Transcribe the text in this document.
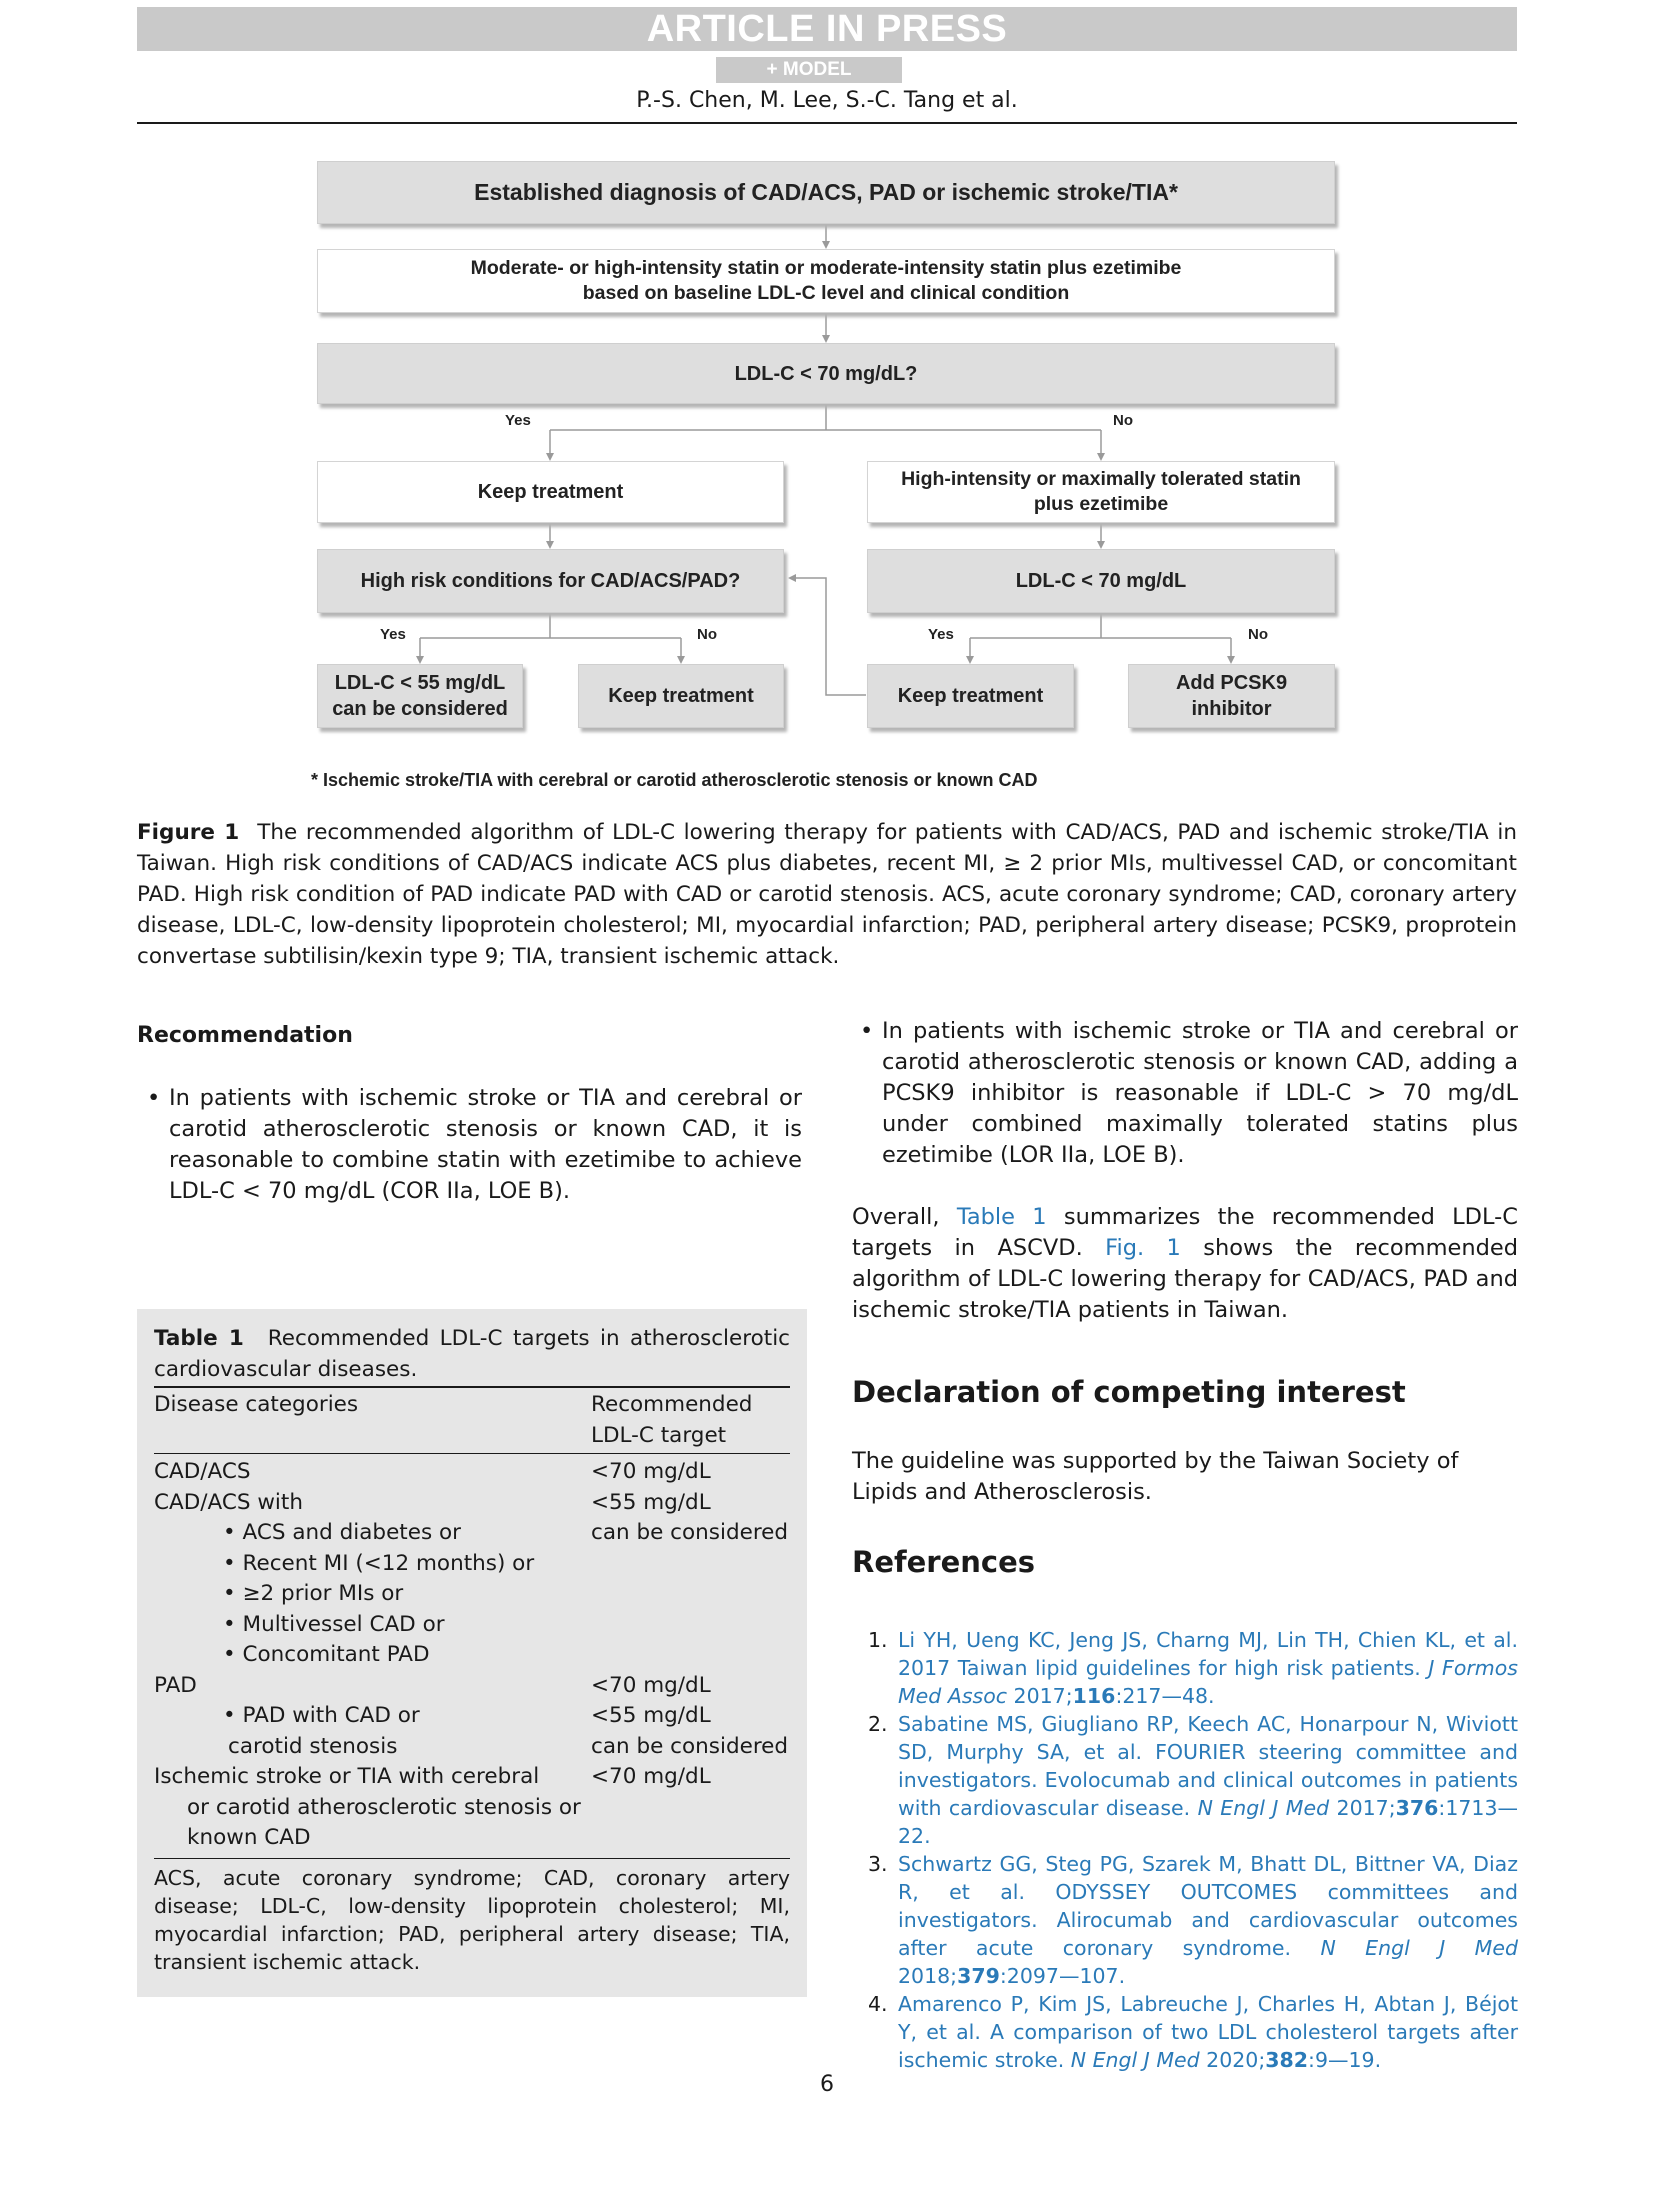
ARTICLE IN PRESS
+ MODEL
P.-S. Chen, M. Lee, S.-C. Tang et al.
Established diagnosis of CAD/ACS, PAD or ischemic stroke/TIA*
Moderate- or high-intensity statin or moderate-intensity statin plus ezetimibe
based on baseline LDL-C level and clinical condition
LDL-C < 70 mg/dL?
Yes	No
Keep treatment
High-intensity or maximally tolerated statin
plus ezetimibe
High risk conditions for CAD/ACS/PAD?	LDL-C < 70 mg/dL
Yes	No	Yes	No
LDL-C < 55 mg/dL
can be considered
Keep treatment	Keep treatment
Add PCSK9
inhibitor
* Ischemic stroke/TIA with cerebral or carotid atherosclerotic stenosis or known CAD

Figure 1 The recommended algorithm of LDL-C lowering therapy for patients with CAD/ACS, PAD and ischemic stroke/TIA in Taiwan. High risk conditions of CAD/ACS indicate ACS plus diabetes, recent MI, ≥ 2 prior MIs, multivessel CAD, or concomitant PAD. High risk condition of PAD indicate PAD with CAD or carotid stenosis. ACS, acute coronary syndrome; CAD, coronary artery disease, LDL-C, low-density lipoprotein cholesterol; MI, myocardial infarction; PAD, peripheral artery disease; PCSK9, proprotein convertase subtilisin/kexin type 9; TIA, transient ischemic attack.

Recommendation
• In patients with ischemic stroke or TIA and cerebral or carotid atherosclerotic stenosis or known CAD, it is reasonable to combine statin with ezetimibe to achieve LDL-C < 70 mg/dL (COR IIa, LOE B).

Table 1 Recommended LDL-C targets in atherosclerotic cardiovascular diseases.

Disease categories	Recommended
LDL-C target
CAD/ACS	<70 mg/dL
CAD/ACS with	<55 mg/dL
• ACS and diabetes or	can be considered
• Recent MI (<12 months) or
• ≥2 prior MIs or
• Multivessel CAD or
• Concomitant PAD
PAD	<70 mg/dL
• PAD with CAD or	<55 mg/dL
carotid stenosis	can be considered
Ischemic stroke or TIA with cerebral <70 mg/dL
or carotid atherosclerotic stenosis or
known CAD

ACS, acute coronary syndrome; CAD, coronary artery disease; LDL-C, low-density lipoprotein cholesterol; MI, myocardial infarction; PAD, peripheral artery disease; TIA, transient ischemic attack.

• In patients with ischemic stroke or TIA and cerebral or carotid atherosclerotic stenosis or known CAD, adding a PCSK9 inhibitor is reasonable if LDL-C > 70 mg/dL under combined maximally tolerated statins plus ezetimibe (LOR IIa, LOE B).

Overall, Table 1 summarizes the recommended LDL-C targets in ASCVD. Fig. 1 shows the recommended algorithm of LDL-C lowering therapy for CAD/ACS, PAD and ischemic stroke/TIA patients in Taiwan.

Declaration of competing interest

The guideline was supported by the Taiwan Society of Lipids and Atherosclerosis.

References
1. Li YH, Ueng KC, Jeng JS, Charng MJ, Lin TH, Chien KL, et al. 2017 Taiwan lipid guidelines for high risk patients. J Formos Med Assoc 2017;116:217—48.
2. Sabatine MS, Giugliano RP, Keech AC, Honarpour N, Wiviott SD, Murphy SA, et al. FOURIER steering committee and investigators. Evolocumab and clinical outcomes in patients with cardiovascular disease. N Engl J Med 2017;376:1713—22.
3. Schwartz GG, Steg PG, Szarek M, Bhatt DL, Bittner VA, Diaz R, et al. ODYSSEY OUTCOMES committees and investigators. Alirocumab and cardiovascular outcomes after acute coronary syndrome. N Engl J Med 2018;379:2097—107.
4. Amarenco P, Kim JS, Labreuche J, Charles H, Abtan J, Béjot Y, et al. A comparison of two LDL cholesterol targets after ischemic stroke. N Engl J Med 2020;382:9—19.
6
